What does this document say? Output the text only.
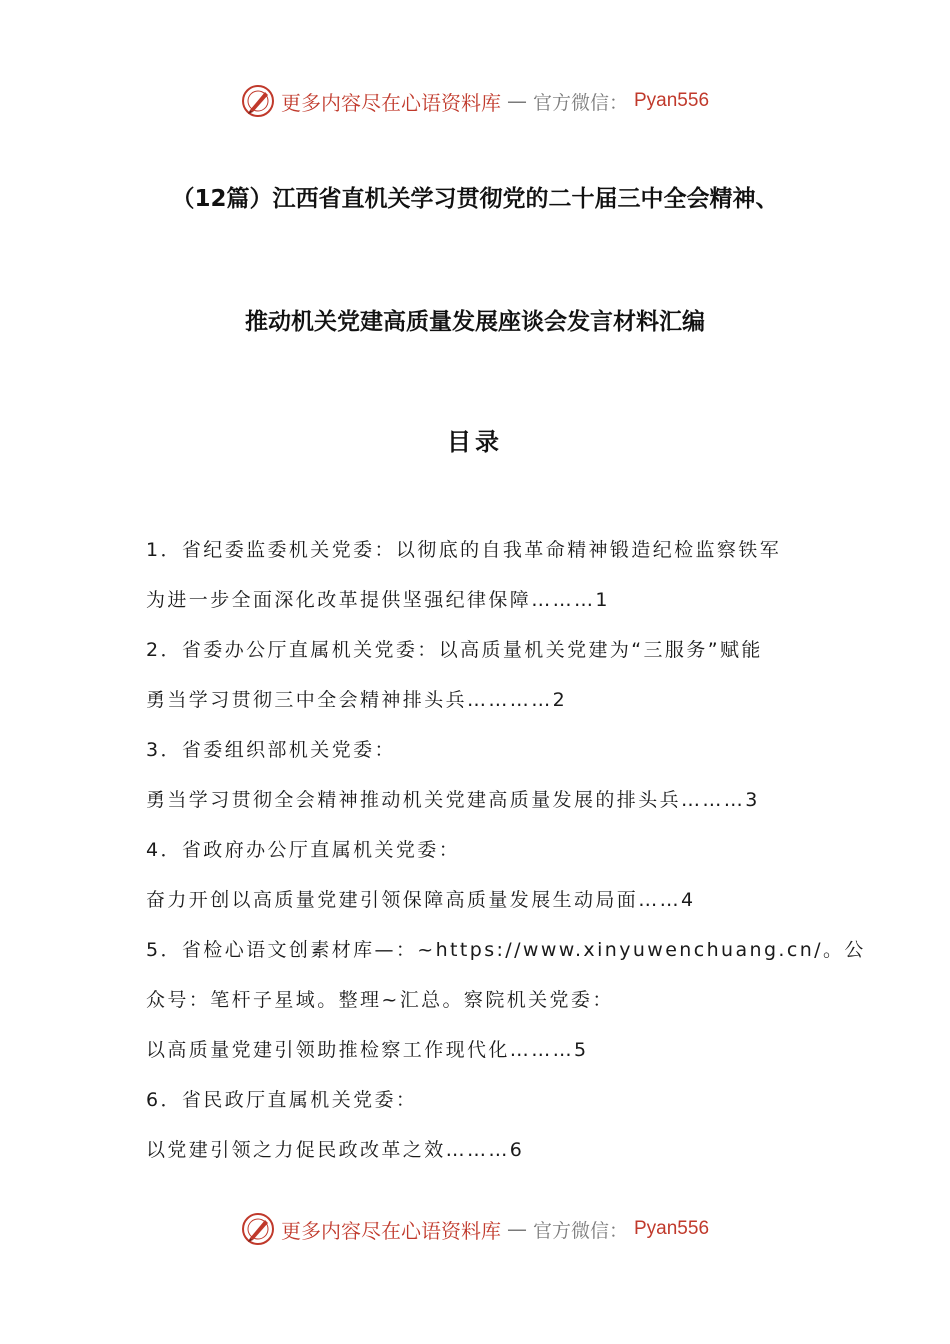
更多内容尽在心语资料库 — 官方微信： Pyan556
（12篇）江西省直机关学习贯彻党的二十届三中全会精神、
推动机关党建高质量发展座谈会发言材料汇编
目录
1．省纪委监委机关党委：以彻底的自我革命精神锻造纪检监察铁军
为进一步全面深化改革提供坚强纪律保障………1
2．省委办公厅直属机关党委：以高质量机关党建为“三服务”赋能
勇当学习贯彻三中全会精神排头兵…………2
3．省委组织部机关党委：
勇当学习贯彻全会精神推动机关党建高质量发展的排头兵………3
4．省政府办公厅直属机关党委：
奋力开创以高质量党建引领保障高质量发展生动局面……4
5．省检心语文创素材库—：~https://www.xinyuwenchuang.cn/。公
众号：笔杆子星域。整理~汇总。察院机关党委：
以高质量党建引领助推检察工作现代化………5
6．省民政厅直属机关党委：
以党建引领之力促民政改革之效………6
更多内容尽在心语资料库 — 官方微信： Pyan556
